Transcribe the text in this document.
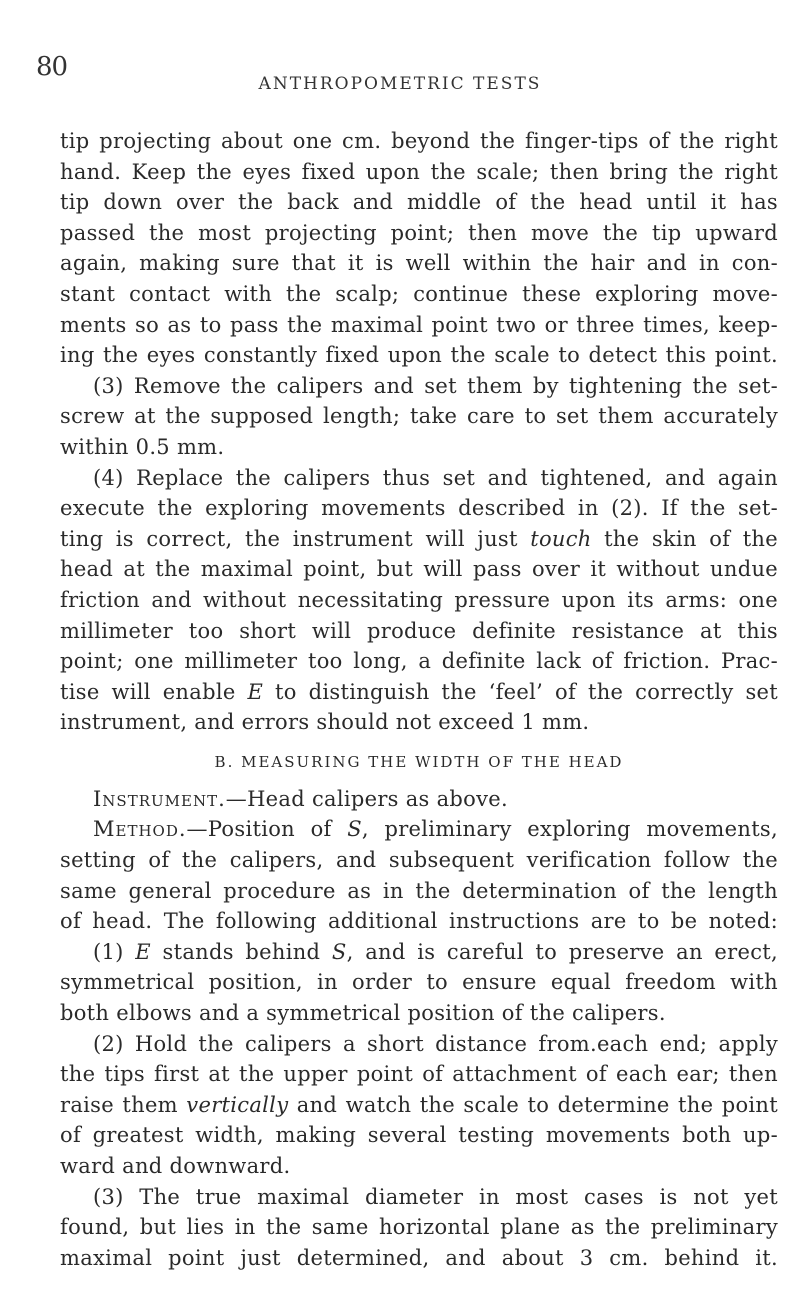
80
ANTHROPOMETRIC TESTS
tip projecting about one cm. beyond the finger-tips of the right
hand. Keep the eyes fixed upon the scale; then bring the right
tip down over the back and middle of the head until it has
passed the most projecting point; then move the tip upward
again, making sure that it is well within the hair and in con-
stant contact with the scalp; continue these exploring move-
ments so as to pass the maximal point two or three times, keep-
ing the eyes constantly fixed upon the scale to detect this point.
(3) Remove the calipers and set them by tightening the set-
screw at the supposed length; take care to set them accurately
within 0.5 mm.
(4) Replace the calipers thus set and tightened, and again
execute the exploring movements described in (2). If the set-
ting is correct, the instrument will just touch the skin of the
head at the maximal point, but will pass over it without undue
friction and without necessitating pressure upon its arms: one
millimeter too short will produce definite resistance at this
point; one millimeter too long, a definite lack of friction. Prac-
tise will enable E to distinguish the ‘feel’ of the correctly set
instrument, and errors should not exceed 1 mm.
B. MEASURING THE WIDTH OF THE HEAD
Instrument.—Head calipers as above.
Method.—Position of S, preliminary exploring movements,
setting of the calipers, and subsequent verification follow the
same general procedure as in the determination of the length
of head. The following additional instructions are to be noted:
(1) E stands behind S, and is careful to preserve an erect,
symmetrical position, in order to ensure equal freedom with
both elbows and a symmetrical position of the calipers.
(2) Hold the calipers a short distance from.each end; apply
the tips first at the upper point of attachment of each ear; then
raise them vertically and watch the scale to determine the point
of greatest width, making several testing movements both up-
ward and downward.
(3) The true maximal diameter in most cases is not yet
found, but lies in the same horizontal plane as the preliminary
maximal point just determined, and about 3 cm. behind it.
